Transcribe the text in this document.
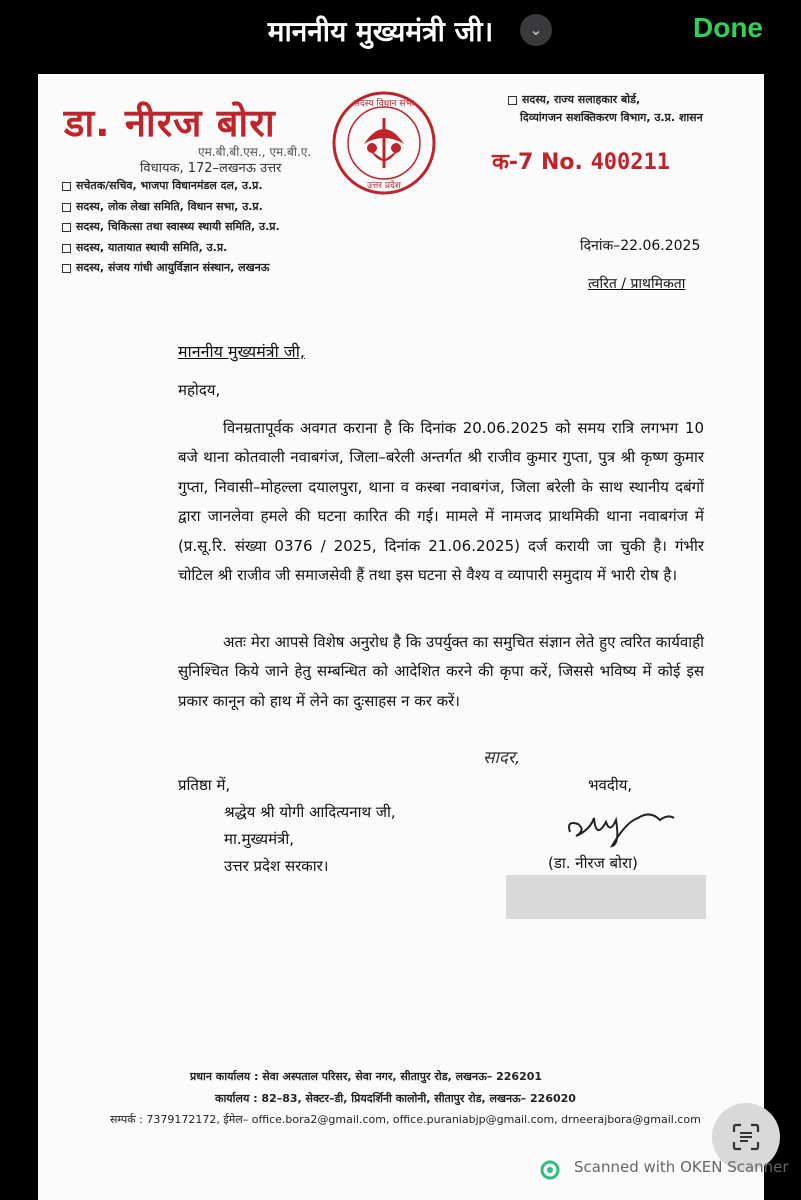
माननीय मुख्यमंत्री जी।	⌄	Done
डा. नीरज बोरा
एम.बी.बी.एस., एम.बी.ए.
विधायक, 172–लखनऊ उत्तर
सचेतक/सचिव, भाजपा विधानमंडल दल, उ.प्र.
सदस्य, लोक लेखा समिति, विधान सभा, उ.प्र.
सदस्य, चिकित्सा तथा स्वास्थ्य स्थायी समिति, उ.प्र.
सदस्य, यातायात स्थायी समिति, उ.प्र.
सदस्य, संजय गांधी आयुर्विज्ञान संस्थान, लखनऊ
सदस्य, राज्य सलाहकार बोर्ड,
दिव्यांगजन सशक्तिकरण विभाग, उ.प्र. शासन
सदस्य विधान सभा
उत्तर प्रदेश
क-7 No. 400211
दिनांक–22.06.2025
त्वरित / प्राथमिकता
माननीय मुख्यमंत्री जी,
महोदय,
विनम्रतापूर्वक अवगत कराना है कि दिनांक 20.06.2025 को समय रात्रि लगभग 10 बजे थाना कोतवाली नवाबगंज, जिला–बरेली अन्तर्गत श्री राजीव कुमार गुप्ता, पुत्र श्री कृष्ण कुमार गुप्ता, निवासी–मोहल्ला दयालपुरा, थाना व कस्बा नवाबगंज, जिला बरेली के साथ स्थानीय दबंगों द्वारा जानलेवा हमले की घटना कारित की गई। मामले में नामजद प्राथमिकी थाना नवाबगंज में (प्र.सू.रि. संख्या 0376 / 2025, दिनांक 21.06.2025) दर्ज करायी जा चुकी है। गंभीर चोटिल श्री राजीव जी समाजसेवी हैं तथा इस घटना से वैश्य व व्यापारी समुदाय में भारी रोष है।
अतः मेरा आपसे विशेष अनुरोध है कि उपर्युक्त का समुचित संज्ञान लेते हुए त्वरित कार्यवाही सुनिश्चित किये जाने हेतु सम्बन्धित को आदेशित करने की कृपा करें, जिससे भविष्य में कोई इस प्रकार कानून को हाथ में लेने का दुःसाहस न कर करें।
सादर,
भवदीय,
(डा. नीरज बोरा)
प्रतिष्ठा में,
श्रद्धेय श्री योगी आदित्यनाथ जी,
मा.मुख्यमंत्री,
उत्तर प्रदेश सरकार।
प्रधान कार्यालय : सेवा अस्पताल परिसर, सेवा नगर, सीतापुर रोड, लखनऊ– 226201
कार्यालय : 82–83, सेक्टर–डी, प्रियदर्शिनी कालोनी, सीतापुर रोड, लखनऊ– 226020
सम्पर्क : 7379172172, ईमेल– office.bora2@gmail.com, office.puraniabjp@gmail.com, drneerajbora@gmail.com
Scanned with OKEN Scanner
